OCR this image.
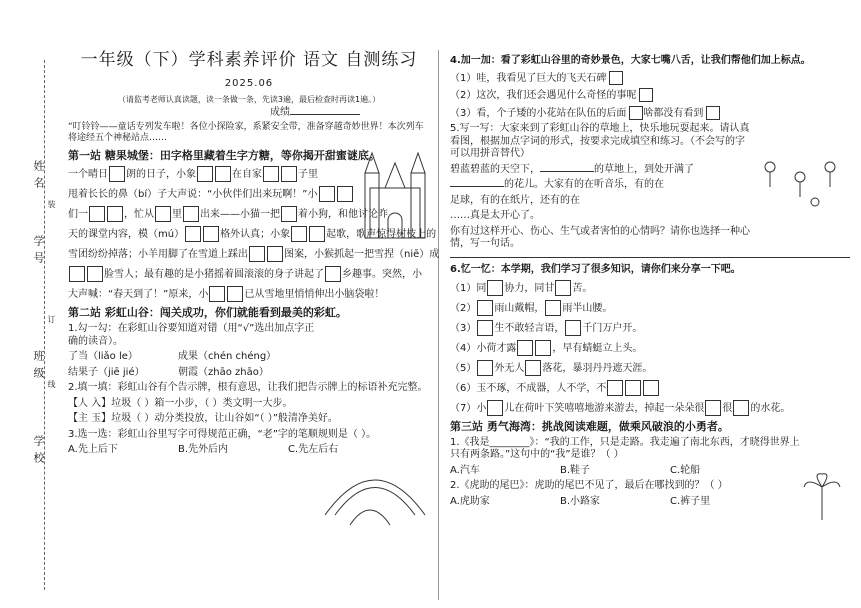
姓名
学号
班级
学校
装
订
线
一年级（下）学科素养评价 语文 自测练习 2025.06
（请监考老师认真读题，读一条做一条，先读3遍，最后检查时再读1遍。）
成绩
“叮铃铃——童话专列发车啦！各位小探险家，系紧安全带，准备穿越奇妙世界！本次列车将途经五个神秘站点……
第一站 糖果城堡：田字格里藏着生字方糖，等你揭开甜蜜谜底。
一个晴日 朗的日子，小象	在自家	子里
甩着长长的鼻（bí）子大声说：“小伙伴们出来玩啊！”小
们一	，忙从 里 出来——小猫一把 着小狗，和他讨论昨
天的课堂内容，模（mú）	格外认真；小象	起歌，歌声惊得树枝上的
雪团纷纷掉落；小羊用脚了在雪道上踩出	图案，小猴抓起一把雪捏（niē）成
脸雪人；最有趣的是小猪摇着圆滚滚的身子讲起了 乡趣事。突然，小
大声喊：“春天到了！”原来，小	已从雪地里悄悄伸出小脑袋啦！
第二站 彩虹山谷：闯关成功，你们就能看到最美的彩虹。
1.勾一勾：在彩虹山谷要知道对错（用“√”选出加点字正确的读音）。
了当（liǎo le）	成果（chén chéng）
结果子（jiē jié）	朝霞（zhāo zhāo）
2.填一填：彩虹山谷有个告示牌，根有意思，让我们把告示牌上的标语补充完整。
【人 入】垃圾（ ）箱一小步，（ ）类文明一大步。
【主 玉】垃圾（ ）动分类投放，让山谷如“（ ）”般清净美好。
3.选一选：彩虹山谷里写字可得规范正确，“老”字的笔顺规则是（ ）。
A.先上后下	B.先外后内	C.先左后右
4.加一加：看了彩虹山谷里的奇妙景色，大家七嘴八舌，让我们帮他们加上标点。
（1）哇，我看见了巨大的飞天石碑
（2）这次，我们还会遇见什么奇怪的事呢
（3）看，个子矮的小花站在队伍的后面 啥都没有看到
5.写一写：大家来到了彩虹山谷的草地上，快乐地玩耍起来。请认真看图，根据加点字词的形式，按要求完成填空和练习。（不会写的字可以用拼音替代）
碧蓝碧蓝的天空下，	的草地上，到处开满了
的花儿。大家有的在听音乐，有的在
足球，有的在纸片，还有的在
……真是太开心了。
你有过这样开心、伤心、生气或者害怕的心情吗？请你也选择一种心情，写一句话。
6.忆一忆：本学期，我们学习了很多知识，请你们来分享一下吧。
（1）同 协力，同甘 苦。
（2） 雨山戴帽， 雨半山腰。
（3） 生不敢轻言语， 千门万户开。
（4）小荷才露	，早有蜻蜓立上头。
（5） 外无人 落花，暴羽丹丹遮天涯。
（6）玉不琢，不成器，人不学，不
（7）小 儿在荷叶下笑嘻嘻地游来游去，掉起一朵朵很 很 的水花。
第三站 勇气海湾：挑战阅读难题，做乘风破浪的小勇者。
1.《我是________》：“我的工作，只是走路。我走遍了南北东西，才晓得世界上只有两条路。”这句中的“我”是谁？（ ）
A.汽车	B.鞋子	C.轮船
2.《虎助的尾巴》：虎助的尾巴不见了，最后在哪找到的？（ ）
A.虎助家	B.小路家	C.裤子里
